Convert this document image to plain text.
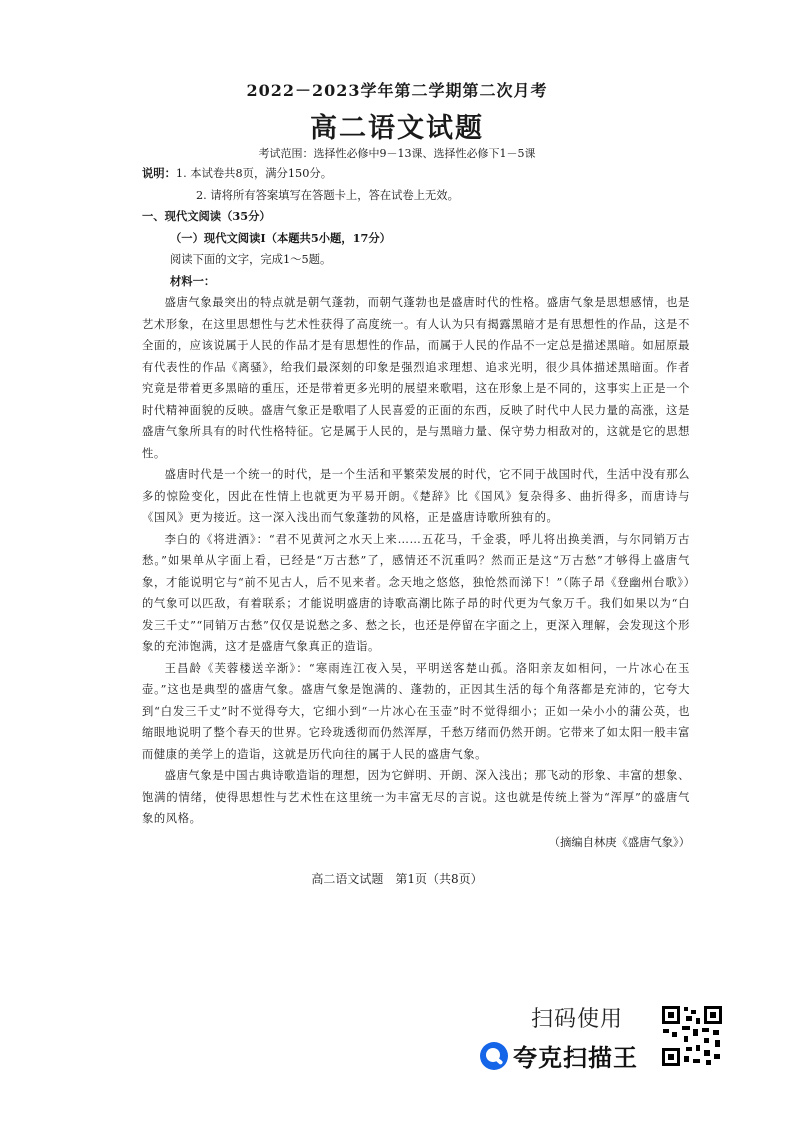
2022－2023学年第二学期第二次月考
高二语文试题
考试范围：选择性必修中9－13课、选择性必修下1－5课
说明：1. 本试卷共8页，满分150分。
2. 请将所有答案填写在答题卡上，答在试卷上无效。
一、现代文阅读（35分）
（一）现代文阅读Ⅰ（本题共5小题，17分）
阅读下面的文字，完成1～5题。
材料一：

盛唐气象最突出的特点就是朝气蓬勃，而朝气蓬勃也是盛唐时代的性格。盛唐气象是思想感情，也是艺术形象，在这里思想性与艺术性获得了高度统一。有人认为只有揭露黑暗才是有思想性的作品，这是不全面的，应该说属于人民的作品才是有思想性的作品，而属于人民的作品不一定总是描述黑暗。如屈原最有代表性的作品《离骚》，给我们最深刻的印象是强烈追求理想、追求光明，很少具体描述黑暗面。作者究竟是带着更多黑暗的重压，还是带着更多光明的展望来歌唱，这在形象上是不同的，这事实上正是一个时代精神面貌的反映。盛唐气象正是歌唱了人民喜爱的正面的东西，反映了时代中人民力量的高涨，这是盛唐气象所具有的时代性格特征。它是属于人民的，是与黑暗力量、保守势力相敌对的，这就是它的思想性。

盛唐时代是一个统一的时代，是一个生活和平繁荣发展的时代，它不同于战国时代，生活中没有那么多的惊险变化，因此在性情上也就更为平易开朗。《楚辞》比《国风》复杂得多、曲折得多，而唐诗与《国风》更为接近。这一深入浅出而气象蓬勃的风格，正是盛唐诗歌所独有的。

李白的《将进酒》：“君不见黄河之水天上来……五花马，千金裘，呼儿将出换美酒，与尔同销万古愁。”如果单从字面上看，已经是“万古愁”了，感情还不沉重吗？然而正是这“万古愁”才够得上盛唐气象，才能说明它与“前不见古人，后不见来者。念天地之悠悠，独怆然而涕下！”（陈子昂《登幽州台歌》）的气象可以匹敌，有着联系；才能说明盛唐的诗歌高潮比陈子昂的时代更为气象万千。我们如果以为“白发三千丈”“同销万古愁”仅仅是说愁之多、愁之长，也还是停留在字面之上，更深入理解，会发现这个形象的充沛饱满，这才是盛唐气象真正的造诣。

王昌龄《芙蓉楼送辛渐》：“寒雨连江夜入吴，平明送客楚山孤。洛阳亲友如相问，一片冰心在玉壶。”这也是典型的盛唐气象。盛唐气象是饱满的、蓬勃的，正因其生活的每个角落都是充沛的，它夸大到“白发三千丈”时不觉得夸大，它细小到“一片冰心在玉壶”时不觉得细小；正如一朵小小的蒲公英，也缩眼地说明了整个春天的世界。它玲珑透彻而仍然浑厚，千愁万绪而仍然开朗。它带来了如太阳一般丰富而健康的美学上的造诣，这就是历代向往的属于人民的盛唐气象。

盛唐气象是中国古典诗歌造诣的理想，因为它鲜明、开朗、深入浅出；那飞动的形象、丰富的想象、饱满的情绪，使得思想性与艺术性在这里统一为丰富无尽的言说。这也就是传统上誉为“浑厚”的盛唐气象的风格。

（摘编自林庚《盛唐气象》）
高二语文试题　第1页（共8页）
扫码使用
夸克扫描王
